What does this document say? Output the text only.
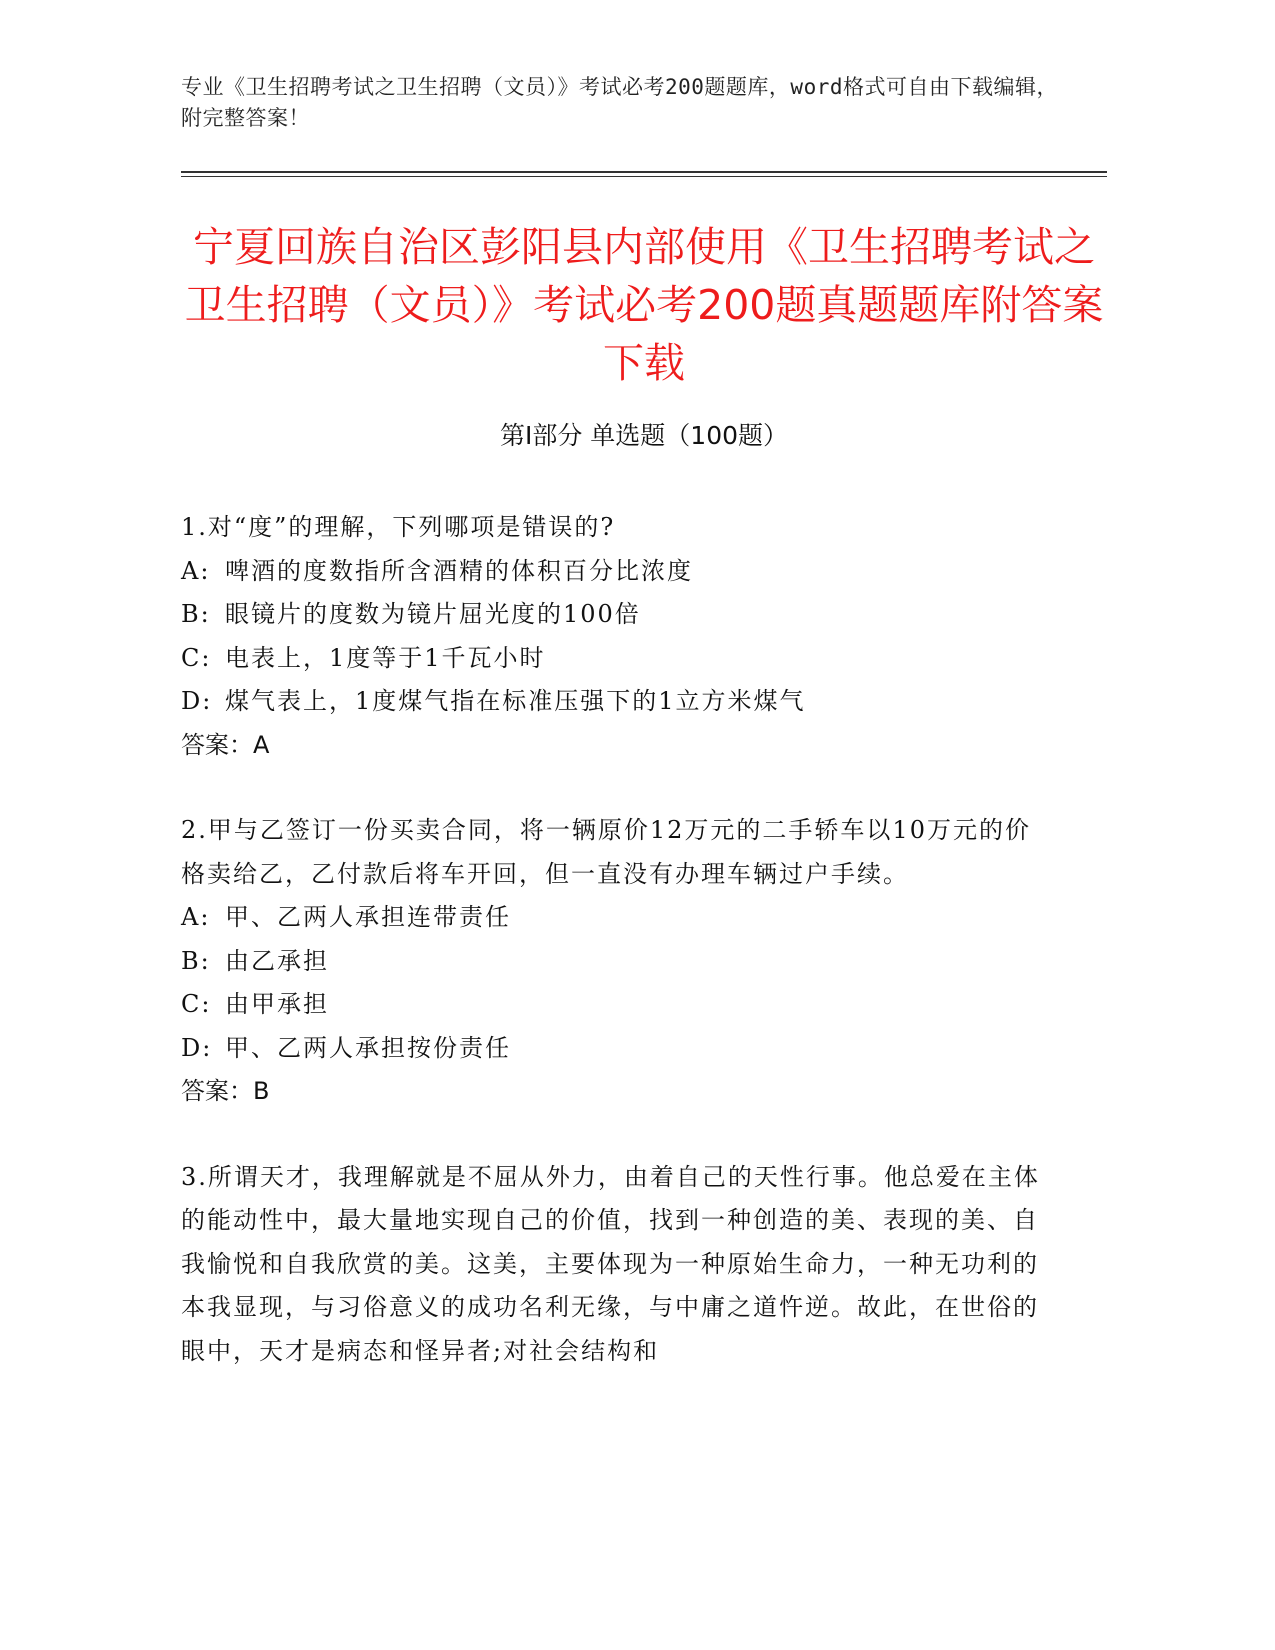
专业《卫生招聘考试之卫生招聘（文员）》考试必考200题题库，word格式可自由下载编辑，附完整答案！
宁夏回族自治区彭阳县内部使用《卫生招聘考试之卫生招聘（文员）》考试必考200题真题题库附答案下载
第Ⅰ部分 单选题（100题）

1.对“度”的理解，下列哪项是错误的?

A: 啤酒的度数指所含酒精的体积百分比浓度

B: 眼镜片的度数为镜片屈光度的100倍

C: 电表上，1度等于1千瓦小时

D: 煤气表上，1度煤气指在标准压强下的1立方米煤气

答案：A

2.甲与乙签订一份买卖合同，将一辆原价12万元的二手轿车以10万元的价格卖给乙，乙付款后将车开回，但一直没有办理车辆过户手续。

A: 甲、乙两人承担连带责任

B: 由乙承担

C: 由甲承担

D: 甲、乙两人承担按份责任

答案：B

3.所谓天才，我理解就是不屈从外力，由着自己的天性行事。他总爱在主体的能动性中，最大量地实现自己的价值，找到一种创造的美、表现的美、自我愉悦和自我欣赏的美。这美，主要体现为一种原始生命力，一种无功利的本我显现，与习俗意义的成功名利无缘，与中庸之道忤逆。故此，在世俗的眼中，天才是病态和怪异者;对社会结构和
